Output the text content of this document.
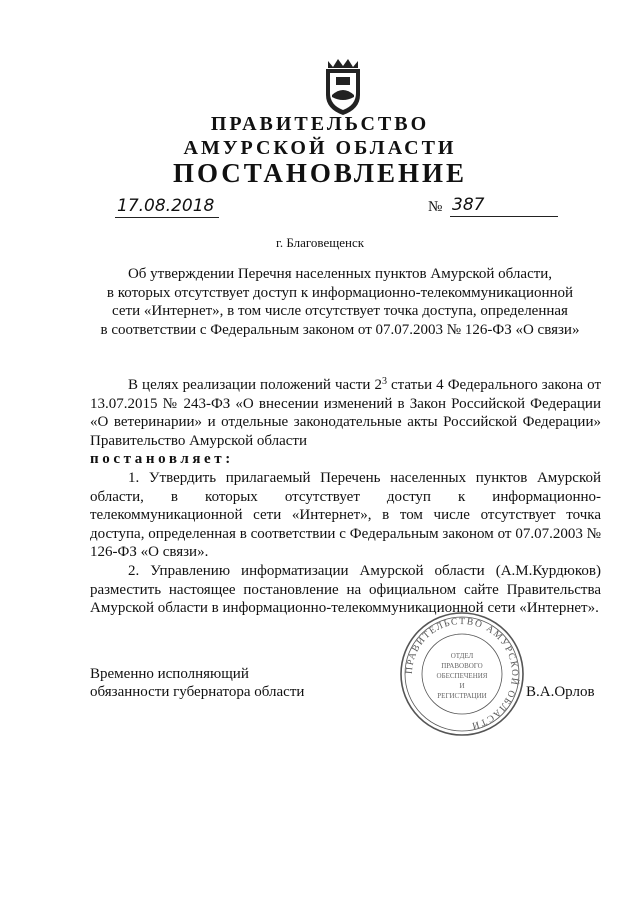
ПРАВИТЕЛЬСТВО
АМУРСКОЙ ОБЛАСТИ
ПОСТАНОВЛЕНИЕ
17.08.2018	№ 387
г. Благовещенск
Об утверждении Перечня населенных пунктов Амурской области,
в которых отсутствует доступ к информационно-телекоммуникационной
сети «Интернет», в том числе отсутствует точка доступа, определенная
в соответствии с Федеральным законом от 07.07.2003 № 126-ФЗ «О связи»

В целях реализации положений части $2^3$ статьи 4 Федерального закона от 13.07.2015 № 243-ФЗ «О внесении изменений в Закон Российской Федерации «О ветеринарии» и отдельные законодательные акты Российской Федерации» Правительство Амурской области

постановляет:

1. Утвердить прилагаемый Перечень населенных пунктов Амурской области, в которых отсутствует доступ к информационно-телекоммуникационной сети «Интернет», в том числе отсутствует точка доступа, определенная в соответствии с Федеральным законом от 07.07.2003 № 126-ФЗ «О связи».

2. Управлению информатизации Амурской области (А.М.Курдюков) разместить настоящее постановление на официальном сайте Правительства Амурской области в информационно-телекоммуникационной сети «Интернет».

Временно исполняющий
обязанности губернатора области	В.А.Орлов
ПРАВИТЕЛЬСТВО АМУРСКОЙ ОБЛАСТИ
ОТДЕЛ
ПРАВОВОГО
ОБЕСПЕЧЕНИЯ
И
РЕГИСТРАЦИИ
